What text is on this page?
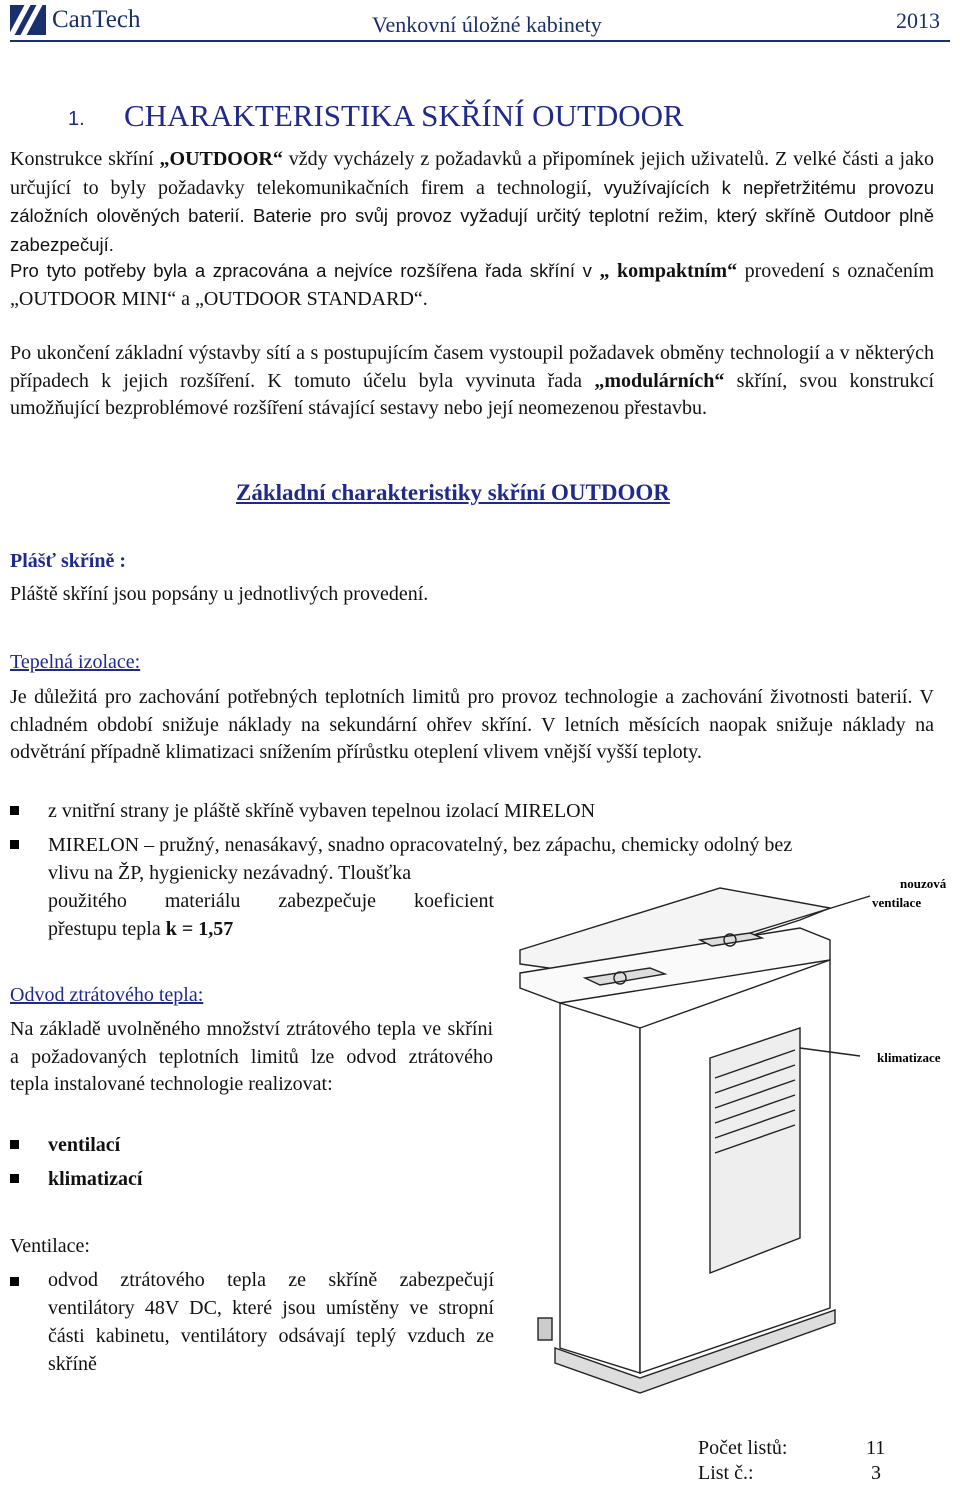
CanTech	Venkovní úložné kabinety	2013
1.	CHARAKTERISTIKA SKŘÍNÍ OUTDOOR

Konstrukce skříní „OUTDOOR“ vždy vycházely z požadavků a připomínek jejich uživatelů. Z velké části a jako určující to byly požadavky telekomunikačních firem a technologií, využívajících k nepřetržitému provozu záložních olověných baterií. Baterie pro svůj provoz vyžadují určitý teplotní režim, který skříně Outdoor plně zabezpečují.

Pro tyto potřeby byla a zpracována a nejvíce rozšířena řada skříní v „ kompaktním“ provedení s označením „OUTDOOR MINI“ a „OUTDOOR STANDARD“.

Po ukončení základní výstavby sítí a s postupujícím časem vystoupil požadavek obměny technologií a v některých případech k jejich rozšíření. K tomuto účelu byla vyvinuta řada „modulárních“ skříní, svou konstrukcí umožňující bezproblémové rozšíření stávající sestavy nebo její neomezenou přestavbu.

Základní charakteristiky skříní OUTDOOR
Plášť skříně :
Pláště skříní jsou popsány u jednotlivých provedení.
Tepelná izolace:
Je důležitá pro zachování potřebných teplotních limitů pro provoz technologie a zachování životnosti baterií. V chladném období snižuje náklady na sekundární ohřev skříní. V letních měsících naopak snižuje náklady na odvětrání případně klimatizaci snížením přírůstku oteplení vlivem vnější vyšší teploty.
z vnitřní strany je pláště skříně vybaven tepelnou izolací MIRELON
MIRELON – pružný, nenasákavý, snadno opracovatelný, bez zápachu, chemicky odolný bez
vlivu na ŽP, hygienicky nezávadný. Tloušťka
použitého materiálu zabezpečuje koeficient
přestupu tepla k = 1,57
Odvod ztrátového tepla:
Na základě uvolněného množství ztrátového tepla ve skříni a požadovaných teplotních limitů lze odvod ztrátového tepla instalované technologie realizovat:
ventilací
klimatizací
Ventilace:
odvod ztrátového tepla ze skříně zabezpečují ventilátory 48V DC, které jsou umístěny ve stropní části kabinetu, ventilátory odsávají teplý vzduch ze skříně
nouzová
ventilace
klimatizace
Počet listů:	11
List č.:	3
